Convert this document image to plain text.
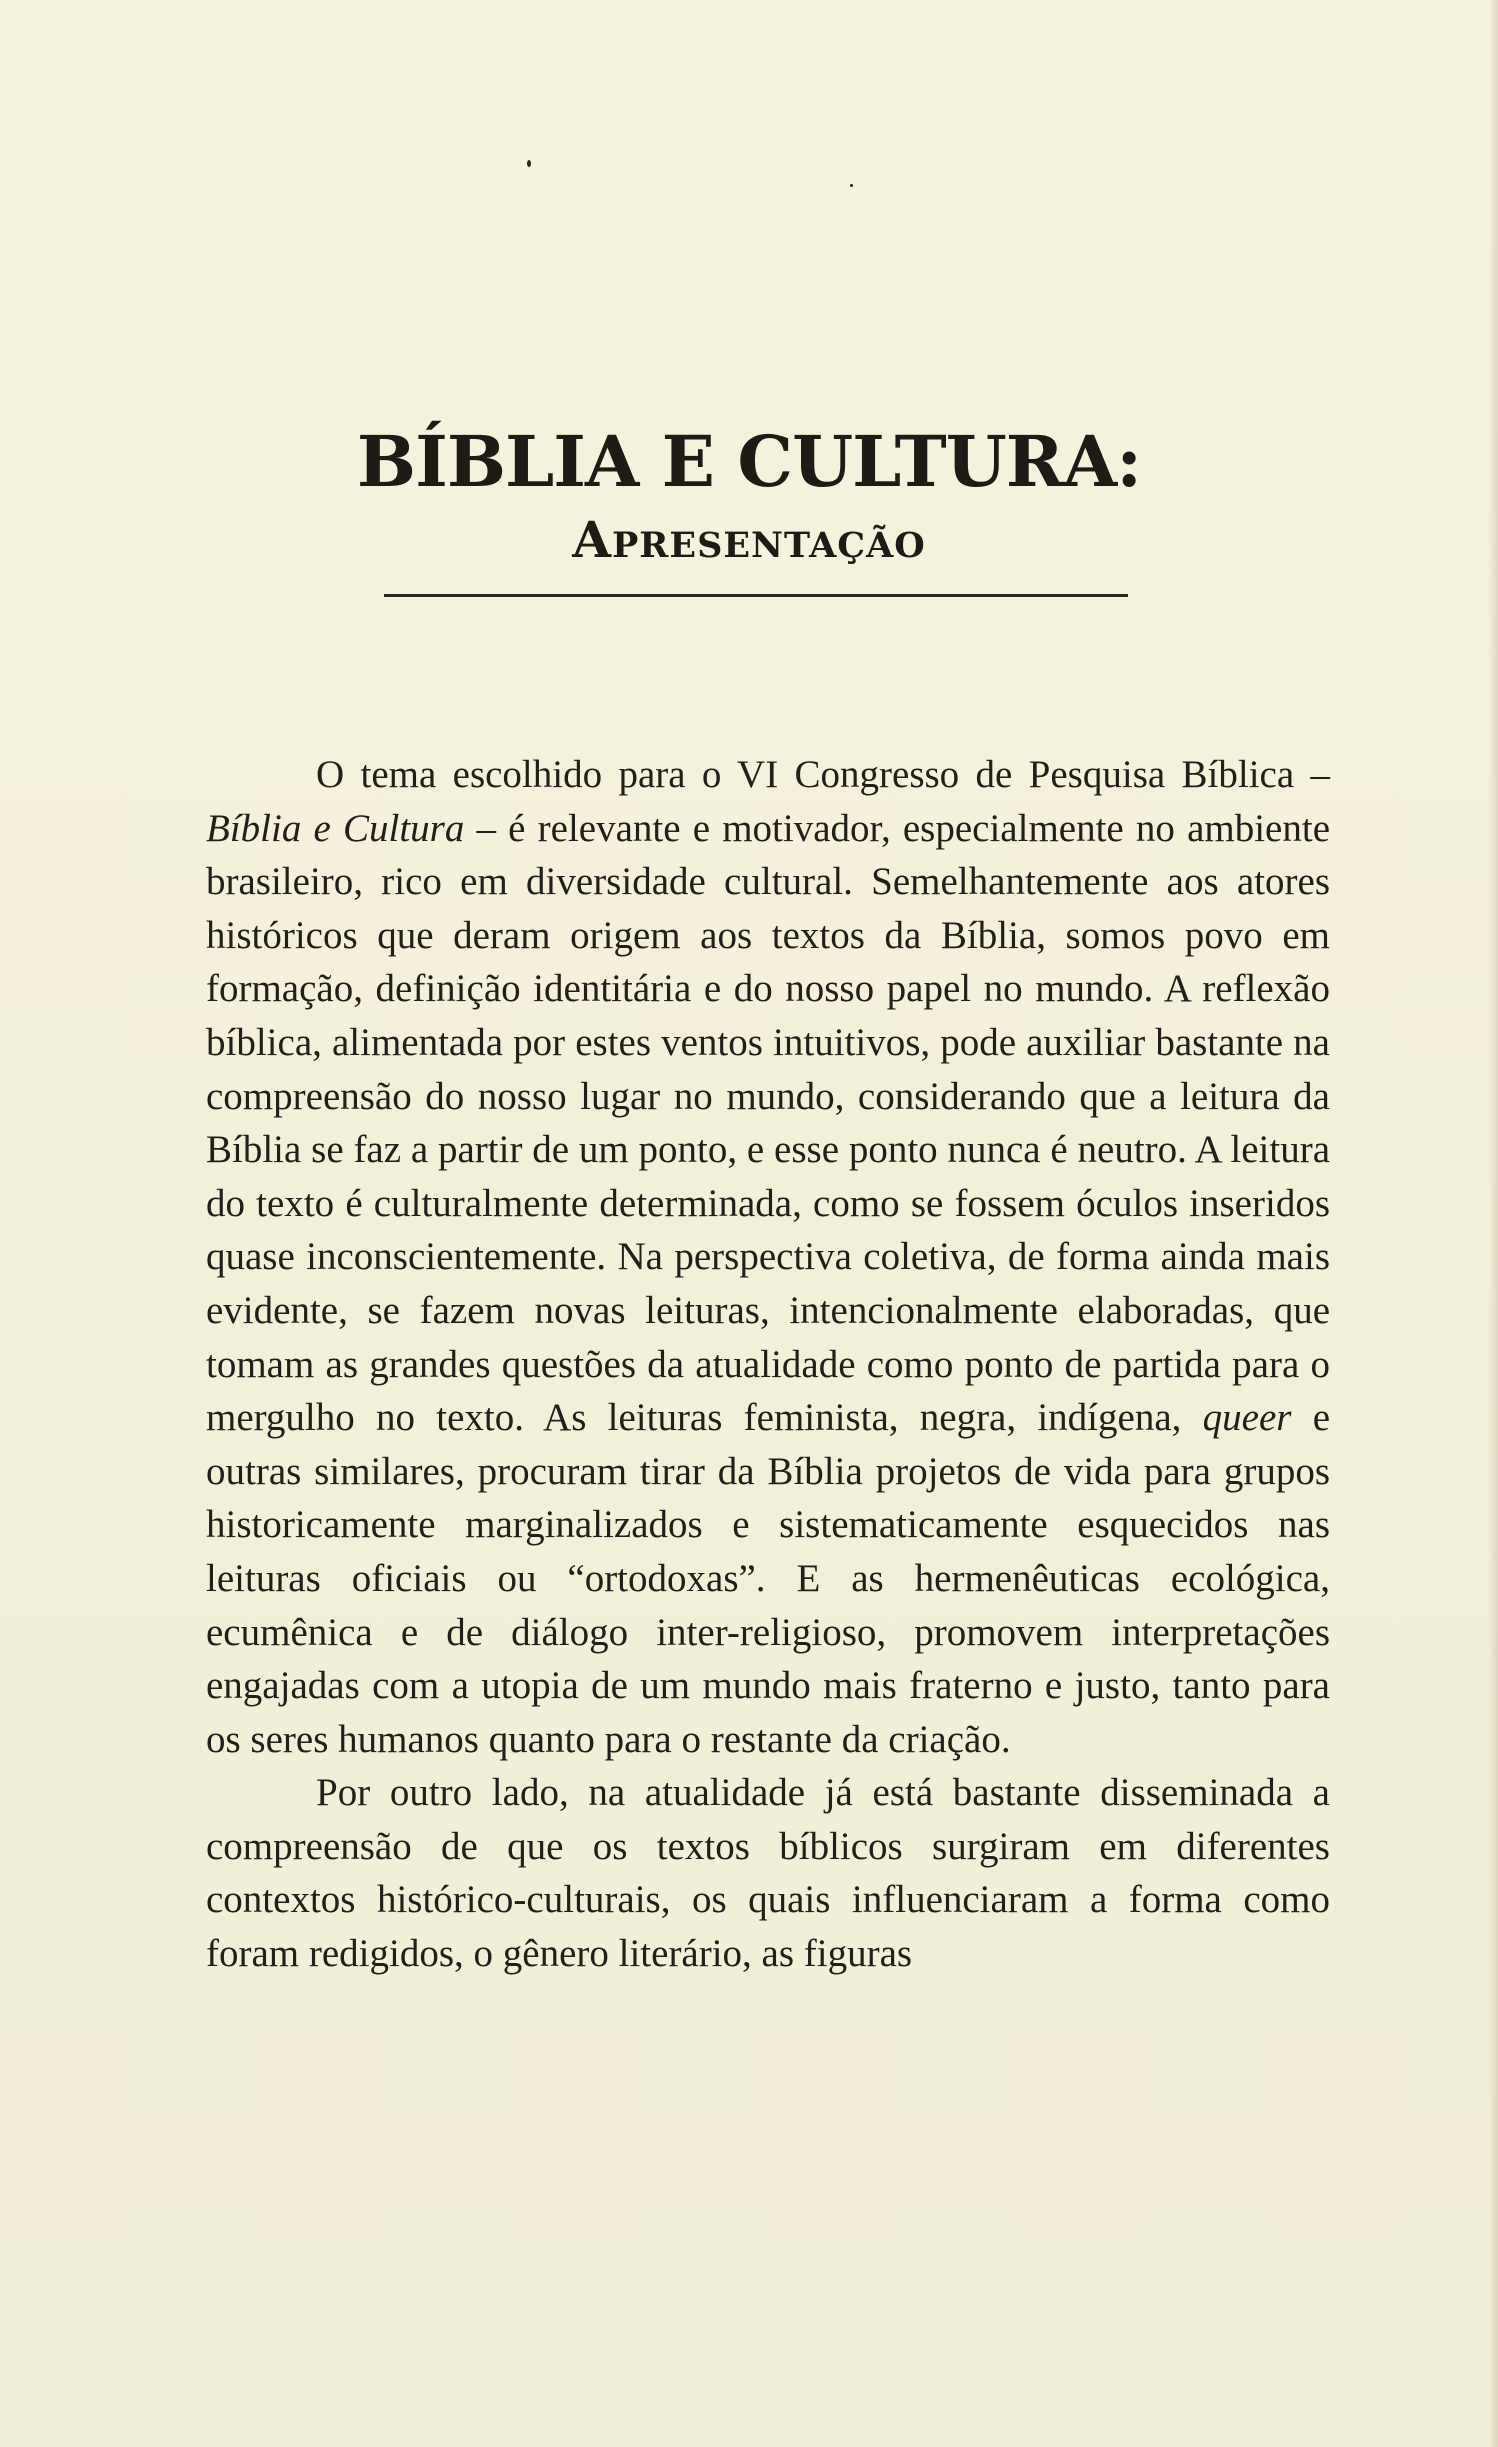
BÍBLIA E CULTURA:
Apresentação

O tema escolhido para o VI Congresso de Pesquisa Bíblica – Bíblia e Cultura – é relevante e motivador, especialmente no ambiente brasileiro, rico em diversidade cultural. Semelhantemente aos atores históricos que deram origem aos textos da Bíblia, somos povo em formação, definição identitária e do nosso papel no mundo. A reflexão bíblica, alimentada por estes ventos intuitivos, pode auxiliar bastante na compreensão do nosso lugar no mundo, considerando que a leitura da Bíblia se faz a partir de um ponto, e esse ponto nunca é neutro. A leitura do texto é culturalmente determinada, como se fossem óculos inseridos quase inconscientemente. Na perspectiva coletiva, de forma ainda mais evidente, se fazem novas leituras, intencionalmente elaboradas, que tomam as grandes questões da atualidade como ponto de partida para o mergulho no texto. As leituras feminista, negra, indígena, queer e outras similares, procuram tirar da Bíblia projetos de vida para grupos historicamente marginalizados e sistematicamente esquecidos nas leituras oficiais ou “ortodoxas”. E as hermenêuticas ecológica, ecumênica e de diálogo inter-religioso, promovem interpretações engajadas com a utopia de um mundo mais fraterno e justo, tanto para os seres humanos quanto para o restante da criação.

Por outro lado, na atualidade já está bastante disseminada a compreensão de que os textos bíblicos surgiram em diferentes contextos histórico-culturais, os quais influenciaram a forma como foram redigidos, o gênero literário, as figuras
